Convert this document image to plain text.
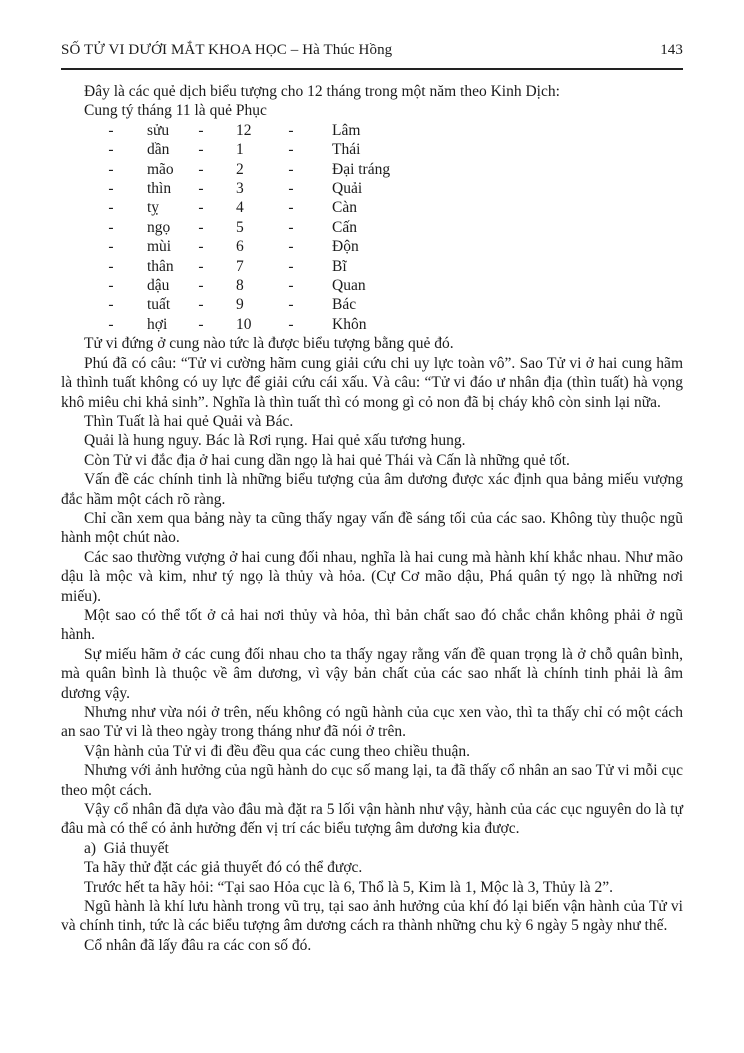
SỐ TỬ VI DƯỚI MẮT KHOA HỌC – Hà Thúc Hồng	143

Đây là các quẻ dịch biểu tượng cho 12 tháng trong một năm theo Kinh Dịch:

Cung tý tháng 11 là quẻ Phục

-	sửu	-	12	-	Lâm
-	dần	-	1	-	Thái
-	mão	-	2	-	Đại tráng
-	thìn	-	3	-	Quải
-	tỵ	-	4	-	Càn
-	ngọ	-	5	-	Cấn
-	mùi	-	6	-	Độn
-	thân	-	7	-	Bĩ
-	dậu	-	8	-	Quan
-	tuất	-	9	-	Bác
-	hợi	-	10	-	Khôn

Tử vi đứng ở cung nào tức là được biểu tượng bằng quẻ đó.

Phú đã có câu: “Tử vi cường hãm cung giải cứu chi uy lực toàn vô”. Sao Tử vi ở hai cung hãm là thình tuất không có uy lực để giải cứu cái xấu. Và câu: “Tử vi đáo ư nhân địa (thìn tuất) hà vọng khô miêu chi khả sinh”. Nghĩa là thìn tuất thì có mong gì cỏ non đã bị cháy khô còn sinh lại nữa.

Thìn Tuất là hai quẻ Quải và Bác.

Quải là hung nguy. Bác là Rơi rụng. Hai quẻ xấu tương hung.

Còn Tử vi đắc địa ở hai cung dần ngọ là hai quẻ Thái và Cấn là những quẻ tốt.

Vấn đề các chính tinh là những biểu tượng của âm dương được xác định qua bảng miếu vượng đắc hầm một cách rõ ràng.

Chỉ cần xem qua bảng này ta cũng thấy ngay vấn đề sáng tối của các sao. Không tùy thuộc ngũ hành một chút nào.

Các sao thường vượng ở hai cung đối nhau, nghĩa là hai cung mà hành khí khắc nhau. Như mão dậu là mộc và kim, như tý ngọ là thủy và hỏa. (Cự Cơ mão dậu, Phá quân tý ngọ là những nơi miếu).

Một sao có thể tốt ở cả hai nơi thủy và hỏa, thì bản chất sao đó chắc chắn không phải ở ngũ hành.

Sự miếu hãm ở các cung đối nhau cho ta thấy ngay rằng vấn đề quan trọng là ở chỗ quân bình, mà quân bình là thuộc về âm dương, vì vậy bản chất của các sao nhất là chính tinh phải là âm dương vậy.

Nhưng như vừa nói ở trên, nếu không có ngũ hành của cục xen vào, thì ta thấy chỉ có một cách an sao Tử vi là theo ngày trong tháng như đã nói ở trên.

Vận hành của Tử vi đi đều đều qua các cung theo chiều thuận.

Nhưng với ảnh hưởng của ngũ hành do cục số mang lại, ta đã thấy cổ nhân an sao Tử vi mỗi cục theo một cách.

Vậy cổ nhân đã dựa vào đâu mà đặt ra 5 lối vận hành như vậy, hành của các cục nguyên do là tự đâu mà có thể có ảnh hưởng đến vị trí các biểu tượng âm dương kia được.

a) Giả thuyết

Ta hãy thử đặt các giả thuyết đó có thể được.

Trước hết ta hãy hỏi: “Tại sao Hỏa cục là 6, Thổ là 5, Kim là 1, Mộc là 3, Thủy là 2”.

Ngũ hành là khí lưu hành trong vũ trụ, tại sao ảnh hưởng của khí đó lại biến vận hành của Tử vi và chính tinh, tức là các biểu tượng âm dương cách ra thành những chu kỳ 6 ngày 5 ngày như thế.

Cổ nhân đã lấy đâu ra các con số đó.
